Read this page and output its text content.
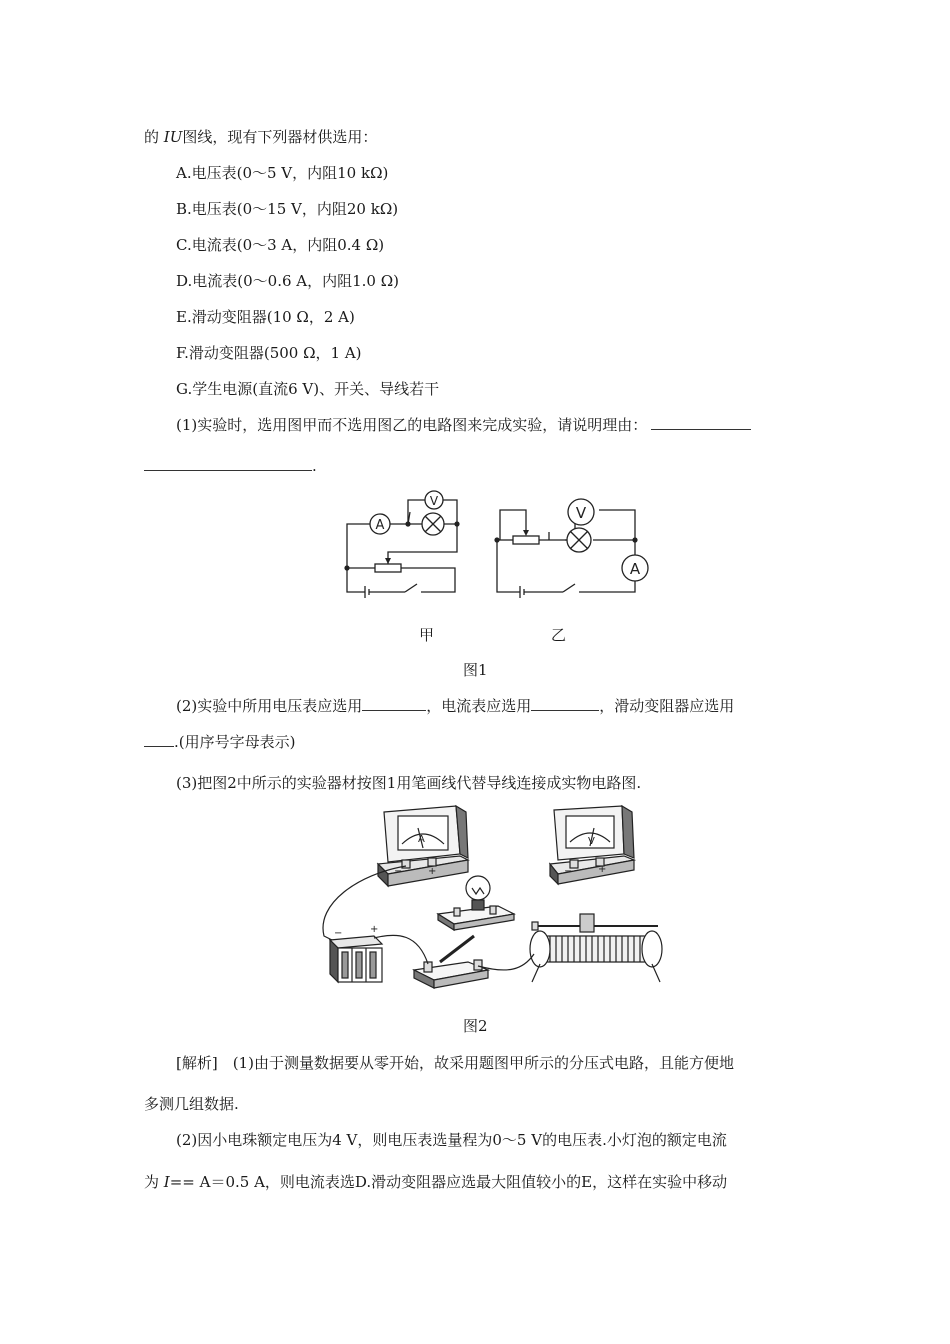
的 IU图线，现有下列器材供选用：
A.电压表(0～5 V，内阻10 kΩ)
B.电压表(0～15 V，内阻20 kΩ)
C.电流表(0～3 A，内阻0.4 Ω)
D.电流表(0～0.6 A，内阻1.0 Ω)
E.滑动变阻器(10 Ω，2 A)
F.滑动变阻器(500 Ω，1 A)
G.学生电源(直流6 V)、开关、导线若干
(1)实验时，选用图甲而不选用图乙的电路图来完成实验，请说明理由：
.
A
V
V
A
甲	乙
图1
(2)实验中所用电压表应选用	，电流表应选用	，滑动变阻器应选用
.(用序号字母表示)
(3)把图2中所示的实验器材按图1用笔画线代替导线连接成实物电路图.
A	V
−	+	−	+
−	+
图2
[解析]　(1)由于测量数据要从零开始，故采用题图甲所示的分压式电路，且能方便地
多测几组数据.
(2)因小电珠额定电压为4 V，则电压表选量程为0～5 V的电压表.小灯泡的额定电流
为 I== A＝0.5 A，则电流表选D.滑动变阻器应选最大阻值较小的E，这样在实验中移动
